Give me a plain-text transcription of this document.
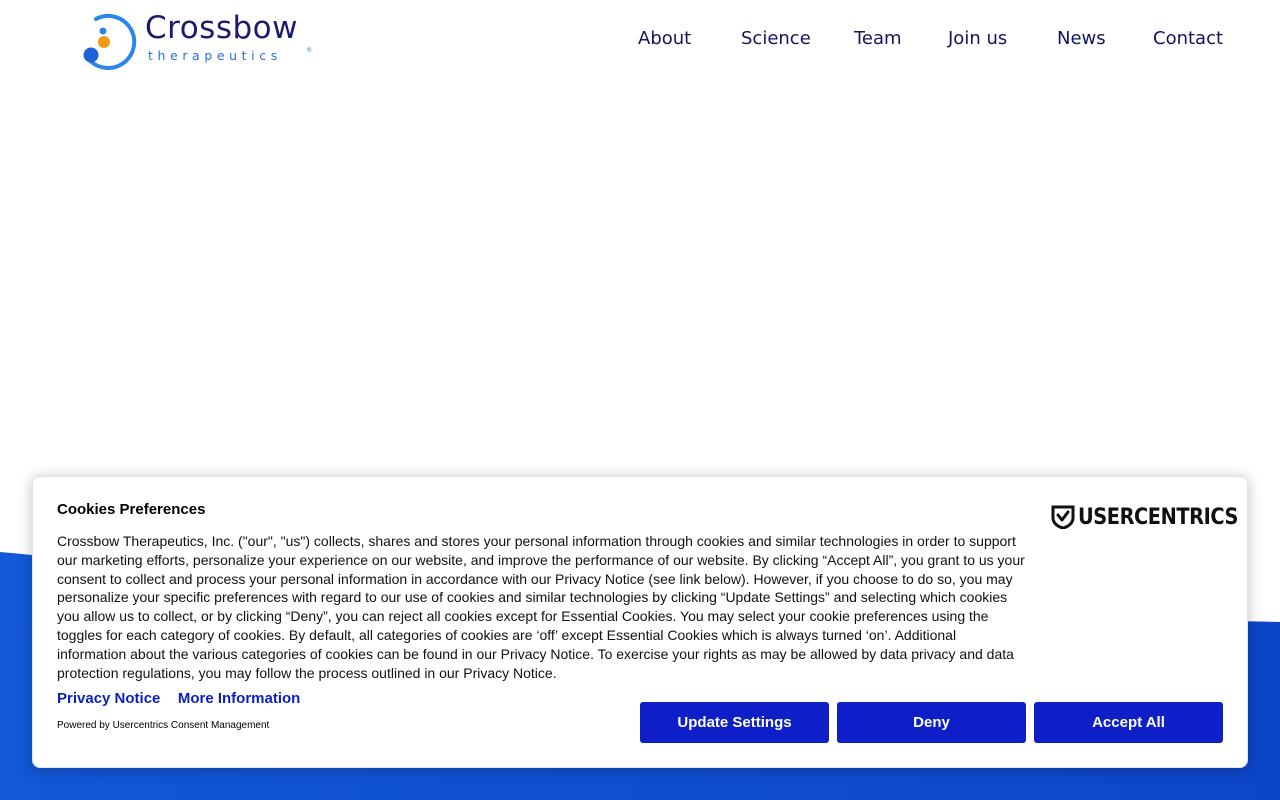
Crossbow
therapeutics	®
About	Science Team	Join us	News	Contact
Cookies Preferences	USERCENTRICS

Crossbow Therapeutics, Inc. ("our", "us") collects, shares and stores your personal information through cookies and similar technologies in order to support our marketing efforts, personalize your experience on our website, and improve the performance of our website. By clicking “Accept All”, you grant to us your consent to collect and process your personal information in accordance with our Privacy Notice (see link below). However, if you choose to do so, you may personalize your specific preferences with regard to our use of cookies and similar technologies by clicking “Update Settings” and selecting which cookies you allow us to collect, or by clicking “Deny”, you can reject all cookies except for Essential Cookies. You may select your cookie preferences using the toggles for each category of cookies. By default, all categories of cookies are ‘off’ except Essential Cookies which is always turned ‘on’. Additional information about the various categories of cookies can be found in our Privacy Notice. To exercise your rights as may be allowed by data privacy and data protection regulations, you may follow the process outlined in our Privacy Notice.

Privacy Notice More Information
Powered by Usercentrics Consent Management	Update Settings	Deny	Accept All
